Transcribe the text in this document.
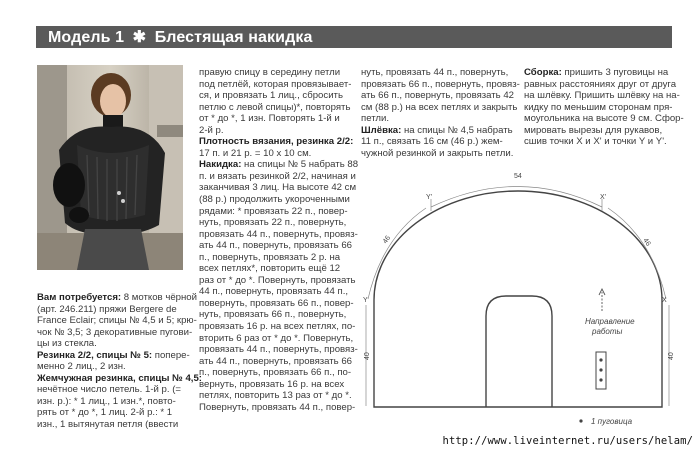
Модель 1 ✱ Блестящая накидка
Вам потребуется: 8 мотков чёрной
(арт. 246.211) пряжи Bergere de
France Eclair; спицы № 4,5 и 5; крю-
чок № 3,5; 3 декоративные пугови-
цы из стекла.
Резинка 2/2, спицы № 5: попере-
менно 2 лиц., 2 изн.
Жемчужная резинка, спицы № 4,5:
нечётное число петель. 1-й р. (=
изн. р.): * 1 лиц., 1 изн.*, повто-
рять от * до *, 1 лиц. 2-й р.: * 1
изн., 1 вытянутая петля (ввести
правую спицу в середину петли
под петлёй, которая провязывает-
ся, и провязать 1 лиц., сбросить
петлю с левой спицы)*, повторять
от * до *, 1 изн. Повторять 1-й и
2-й р.
Плотность вязания, резинка 2/2:
17 п. и 21 р. = 10 х 10 см.
Накидка: на спицы № 5 набрать 88
п. и вязать резинкой 2/2, начиная и
заканчивая 3 лиц. На высоте 42 см
(88 р.) продолжить укороченными
рядами: * провязать 22 п., повер-
нуть, провязать 22 п., повернуть,
провязать 44 п., повернуть, провяз-
ать 44 п., повернуть, провязать 66
п., повернуть, провязать 2 р. на
всех петлях*, повторить ещё 12
раз от * до *. Повернуть, провязать
44 п., повернуть, провязать 44 п.,
повернуть, провязать 66 п., повер-
нуть, провязать 66 п., повернуть,
провязать 16 р. на всех петлях, по-
вторить 6 раз от * до *. Повернуть,
провязать 44 п., повернуть, провяз-
ать 44 п., повернуть, провязать 66
п., повернуть, провязать 66 п., по-
вернуть, провязать 16 р. на всех
петлях, повторить 13 раз от * до *.
Повернуть, провязать 44 п., повер-
нуть, провязать 44 п., повернуть,
провязать 66 п., повернуть, провяз-
ать 66 п., повернуть, провязать 42
см (88 р.) на всех петлях и закрыть
петли.
Шлёвка: на спицы № 4,5 набрать
11 п., связать 16 см (46 р.) жем-
чужной резинкой и закрыть петли.
Сборка: пришить 3 пуговицы на
равных расстояниях друг от друга
на шлёвку. Пришить шлёвку на на-
кидку по меньшим сторонам пря-
моугольника на высоте 9 см. Сфор-
мировать вырезы для рукавов,
сшив точки X и X' и точки Y и Y'.
54
46	46
40	40
Y
Y'	X'
X
Направление
работы
1 пуговица
http://www.liveinternet.ru/users/helam/
